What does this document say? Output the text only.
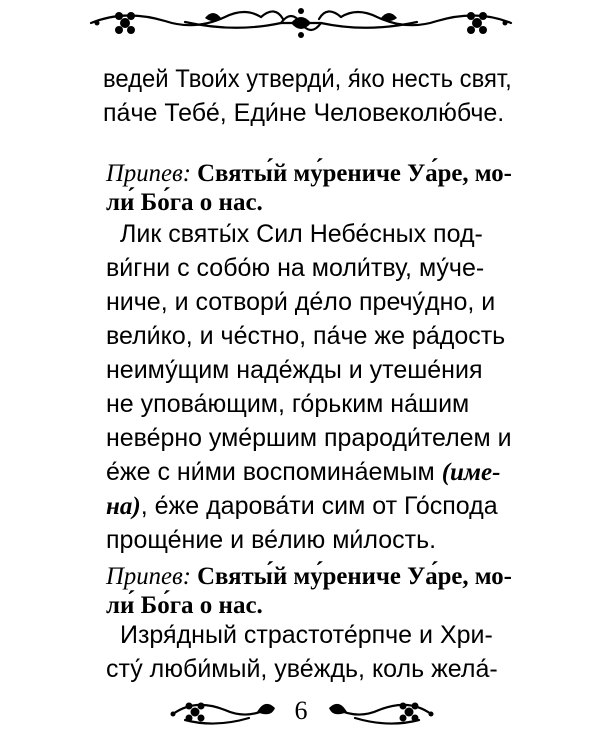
ведей Твои́х утверди́, я́ко несть свят,
па́че Тебе́, Еди́не Человеколю́бче.
Припев: Святы́й му́рениче Уа́ре, мо-
ли́ Бо́га о нас.
Лик святы́х Сил Небе́сных под-
ви́гни с собо́ю на моли́тву, му́че-
ниче, и сотвори́ де́ло пречу́дно, и
вели́ко, и че́стно, па́че же ра́дость
неиму́щим наде́жды и утеше́ния
не упова́ющим, го́рьким на́шим
неве́рно уме́ршим прароди́телем и
е́же с ни́ми воспомина́емым (име-
на), е́же дарова́ти сим от Го́спода
проще́ние и ве́лию ми́лость.
Припев: Святы́й му́рениче Уа́ре, мо-
ли́ Бо́га о нас.
Изря́дный страстоте́рпче и Хри-
сту́ люби́мый, уве́ждь, коль жела́-
6
